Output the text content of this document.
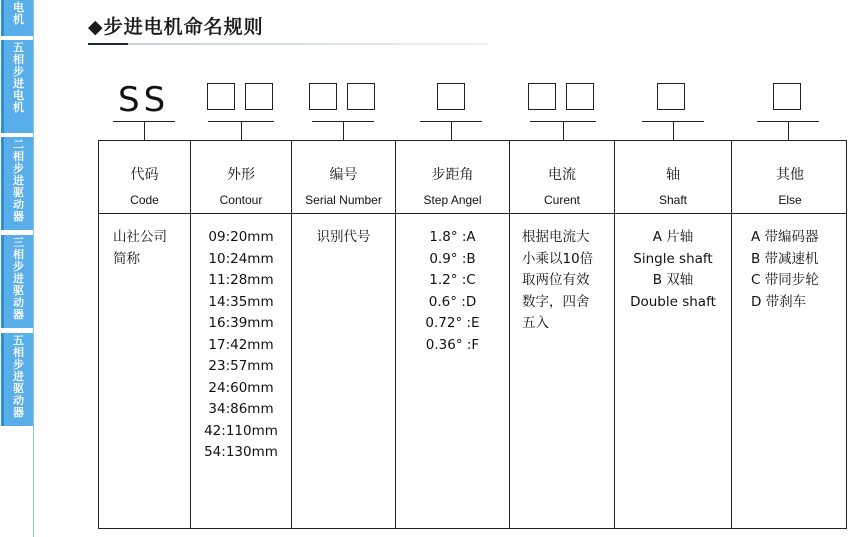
电
机
五
相
步
进
电
机
二
相
步
进
驱
动
器
三
相
步
进
驱
动
器
五
相
步
进
驱
动
器
◆步进电机命名规则
SS
代码
Code
山社公司
简称
外形
Contour
09:20mm
10:24mm
11:28mm
14:35mm
16:39mm
17:42mm
23:57mm
24:60mm
34:86mm
42:110mm
54:130mm
编号
Serial Number
识别代号
步距角
Step Angel
1.8° :A
0.9° :B
1.2° :C
0.6° :D
0.72° :E
0.36° :F
电流
Curent
根据电流大
小乘以10倍
取两位有效
数字，四舍
五入
轴
Shaft
A 片轴
Single shaft
B 双轴
Double shaft
其他
Else
A 带编码器
B 带减速机
C 带同步轮
D 带刹车
